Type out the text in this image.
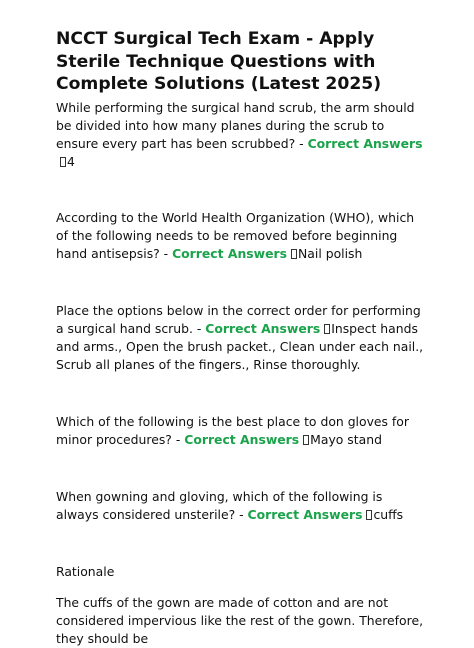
NCCT Surgical Tech Exam - Apply Sterile Technique Questions with Complete Solutions (Latest 2025)

While performing the surgical hand scrub, the arm should be divided into how many planes during the scrub to ensure every part has been scrubbed? - Correct Answers4

According to the World Health Organization (WHO), which of the following needs to be removed before beginning hand antisepsis? - Correct Answers Nail polish

Place the options below in the correct order for performing a surgical hand scrub. - Correct Answers Inspect hands and arms., Open the brush packet., Clean under each nail., Scrub all planes of the fingers., Rinse thoroughly.

Which of the following is the best place to don gloves for minor procedures? - Correct Answers Mayo stand

When gowning and gloving, which of the following is always considered unsterile? - Correct Answers cuffs

Rationale

The cuffs of the gown are made of cotton and are not considered impervious like the rest of the gown. Therefore, they should be
